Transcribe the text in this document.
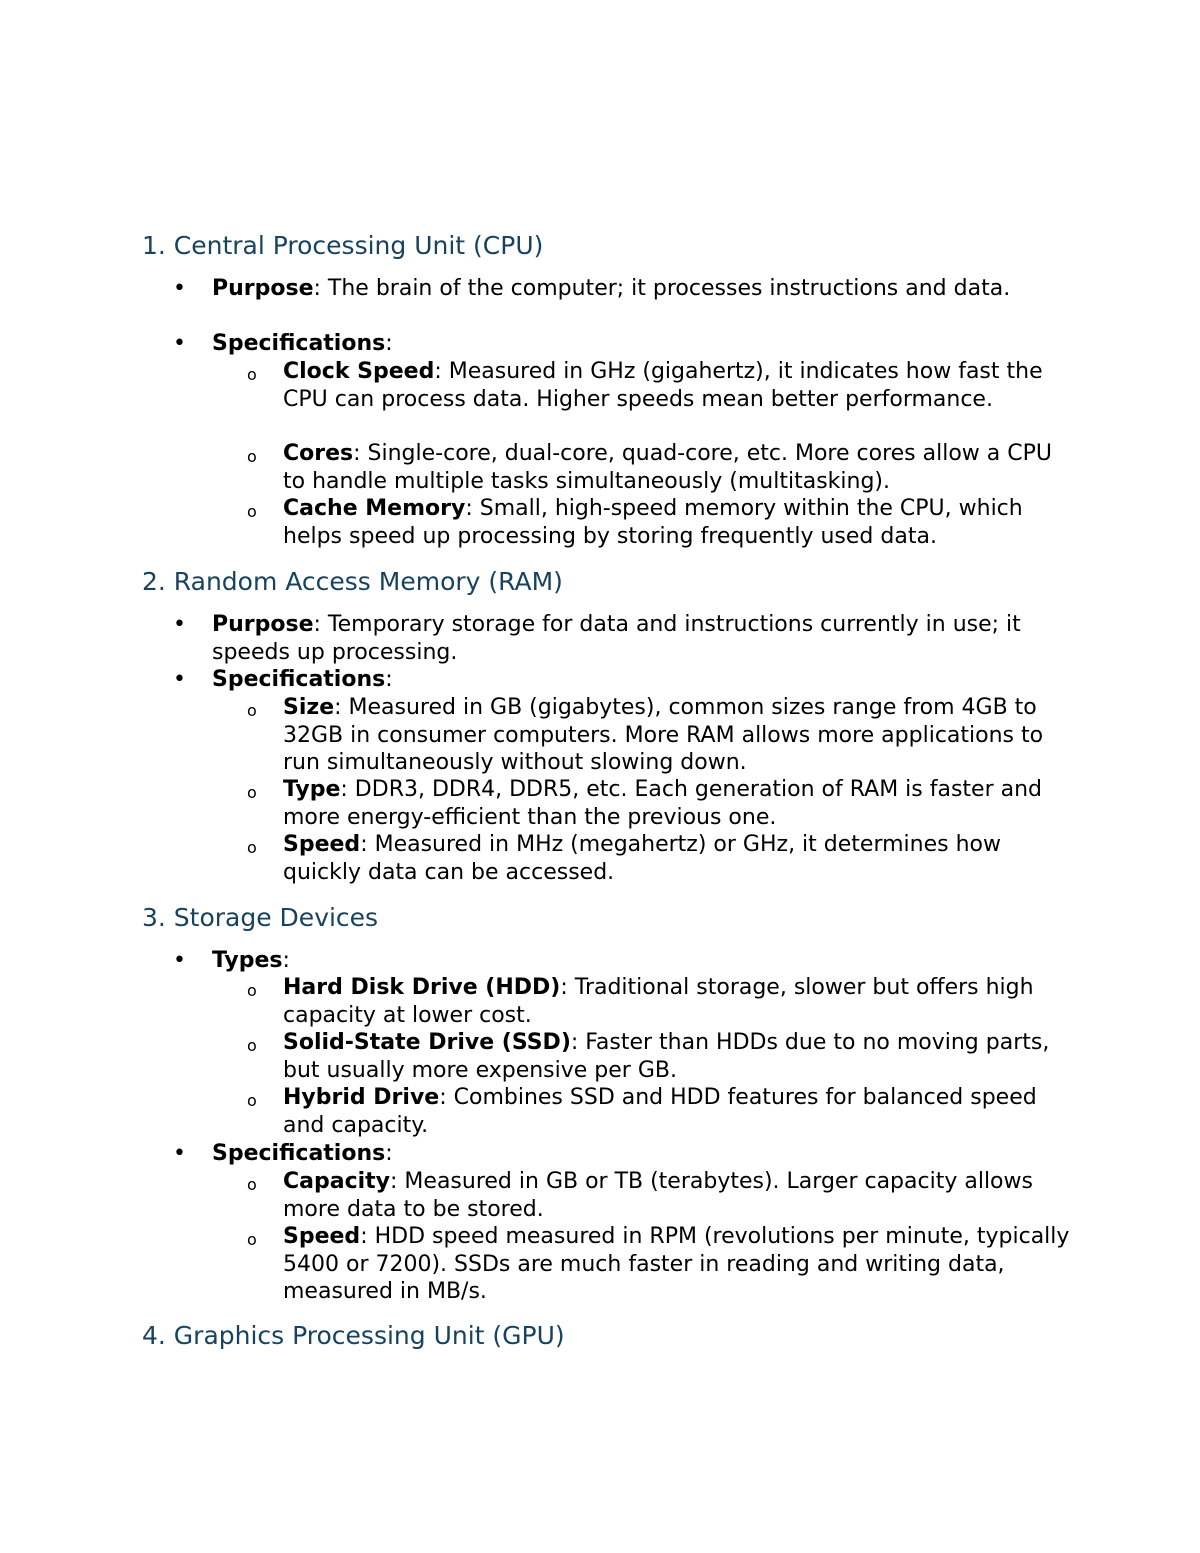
1. Central Processing Unit (CPU)
• Purpose: The brain of the computer; it processes instructions and data.
• Specifications:
o Clock Speed: Measured in GHz (gigahertz), it indicates how fast the CPU can process data. Higher speeds mean better performance.
o Cores: Single-core, dual-core, quad-core, etc. More cores allow a CPU to handle multiple tasks simultaneously (multitasking).
o Cache Memory: Small, high-speed memory within the CPU, which helps speed up processing by storing frequently used data.
2. Random Access Memory (RAM)
• Purpose: Temporary storage for data and instructions currently in use; it speeds up processing.
• Specifications:
o Size: Measured in GB (gigabytes), common sizes range from 4GB to 32GB in consumer computers. More RAM allows more applications to run simultaneously without slowing down.
o Type: DDR3, DDR4, DDR5, etc. Each generation of RAM is faster and more energy-efficient than the previous one.
o Speed: Measured in MHz (megahertz) or GHz, it determines how quickly data can be accessed.
3. Storage Devices
• Types:
o Hard Disk Drive (HDD): Traditional storage, slower but offers high capacity at lower cost.
o Solid-State Drive (SSD): Faster than HDDs due to no moving parts, but usually more expensive per GB.
o Hybrid Drive: Combines SSD and HDD features for balanced speed and capacity.
• Specifications:
o Capacity: Measured in GB or TB (terabytes). Larger capacity allows more data to be stored.
o Speed: HDD speed measured in RPM (revolutions per minute, typically 5400 or 7200). SSDs are much faster in reading and writing data, measured in MB/s.
4. Graphics Processing Unit (GPU)
